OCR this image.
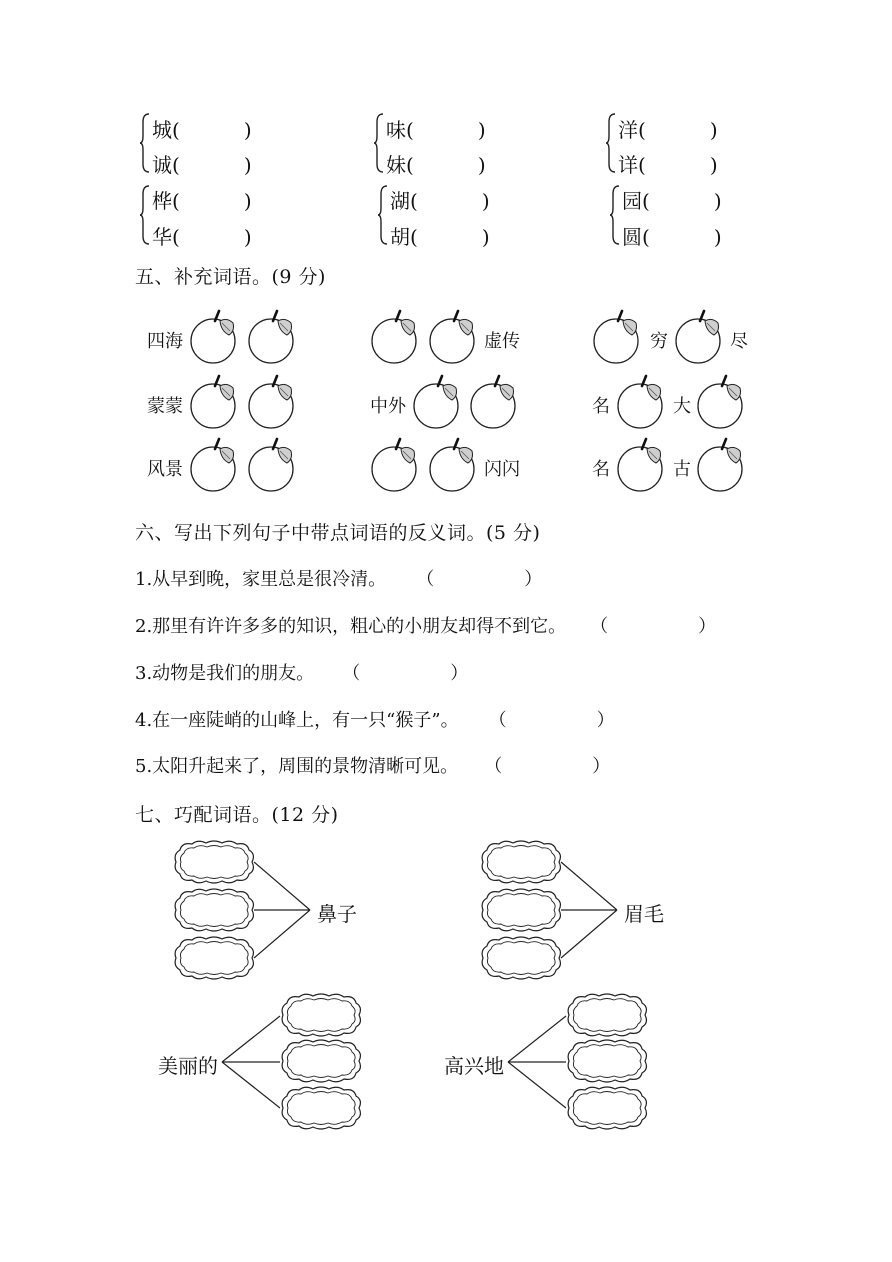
城(	)
诚(	)
味(	)
妹(	)
洋(	)
详(	)
桦(	)
华(	)
湖(	)
胡(	)
园(	)
圆(	)
五、补充词语。(9 分)
四海	虚传	穷	尽
蒙蒙	中外	名	大
风景	闪闪	名	古
六、写出下列句子中带点词语的反义词。(5 分)
1.从早到晚，家里总是很冷清。 （	）
2.那里有许许多多的知识，粗心的小朋友却得不到它。 （	）
3.动物是我们的朋友。 （	）
4.在一座陡峭的山峰上，有一只“猴子”。 （	）
5.太阳升起来了，周围的景物清晰可见。 （	）
七、巧配词语。(12 分)
鼻子	眉毛
美丽的	高兴地
